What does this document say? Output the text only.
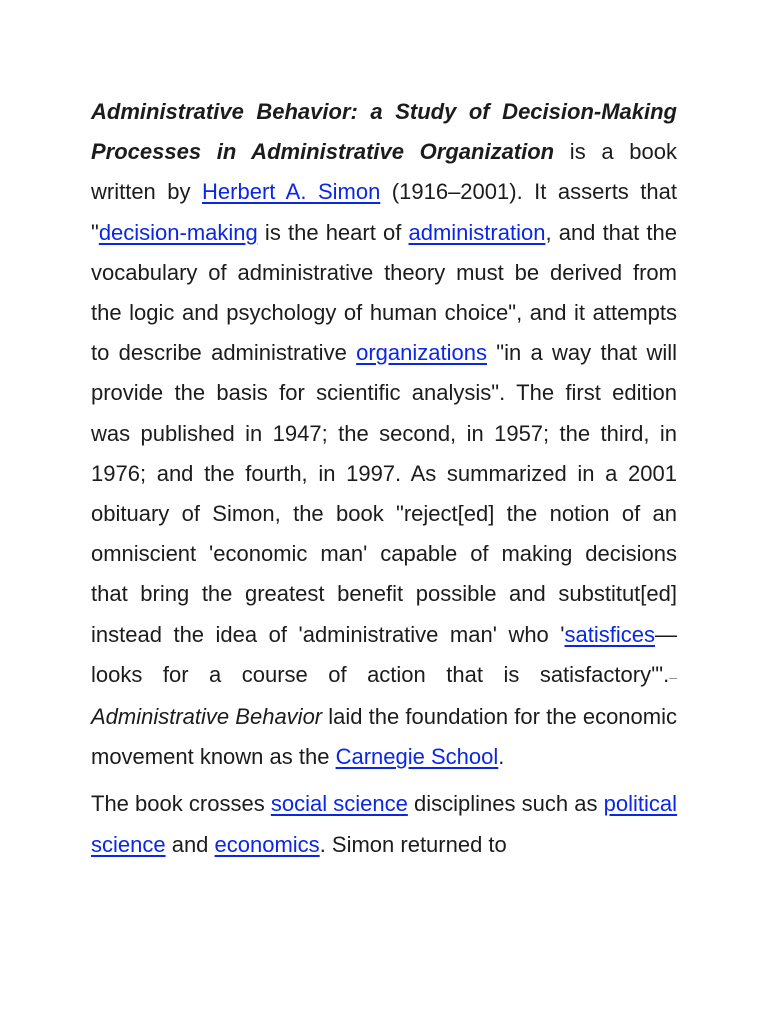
Administrative Behavior: a Study of Decision-Making Processes in Administrative Organization is a book written by Herbert A. Simon (1916–2001). It asserts that "decision-making is the heart of administration, and that the vocabulary of administrative theory must be derived from the logic and psychology of human choice", and it attempts to describe administrative organizations "in a way that will provide the basis for scientific analysis". The first edition was published in 1947; the second, in 1957; the third, in 1976; and the fourth, in 1997. As summarized in a 2001 obituary of Simon, the book "reject[ed] the notion of an omniscient 'economic man' capable of making decisions that bring the greatest benefit possible and substitut[ed] instead the idea of 'administrative man' who 'satisfices—looks for a course of action that is satisfactory'".–Administrative Behavior laid the foundation for the economic movement known as the Carnegie School.

The book crosses social science disciplines such as political science and economics. Simon returned to
